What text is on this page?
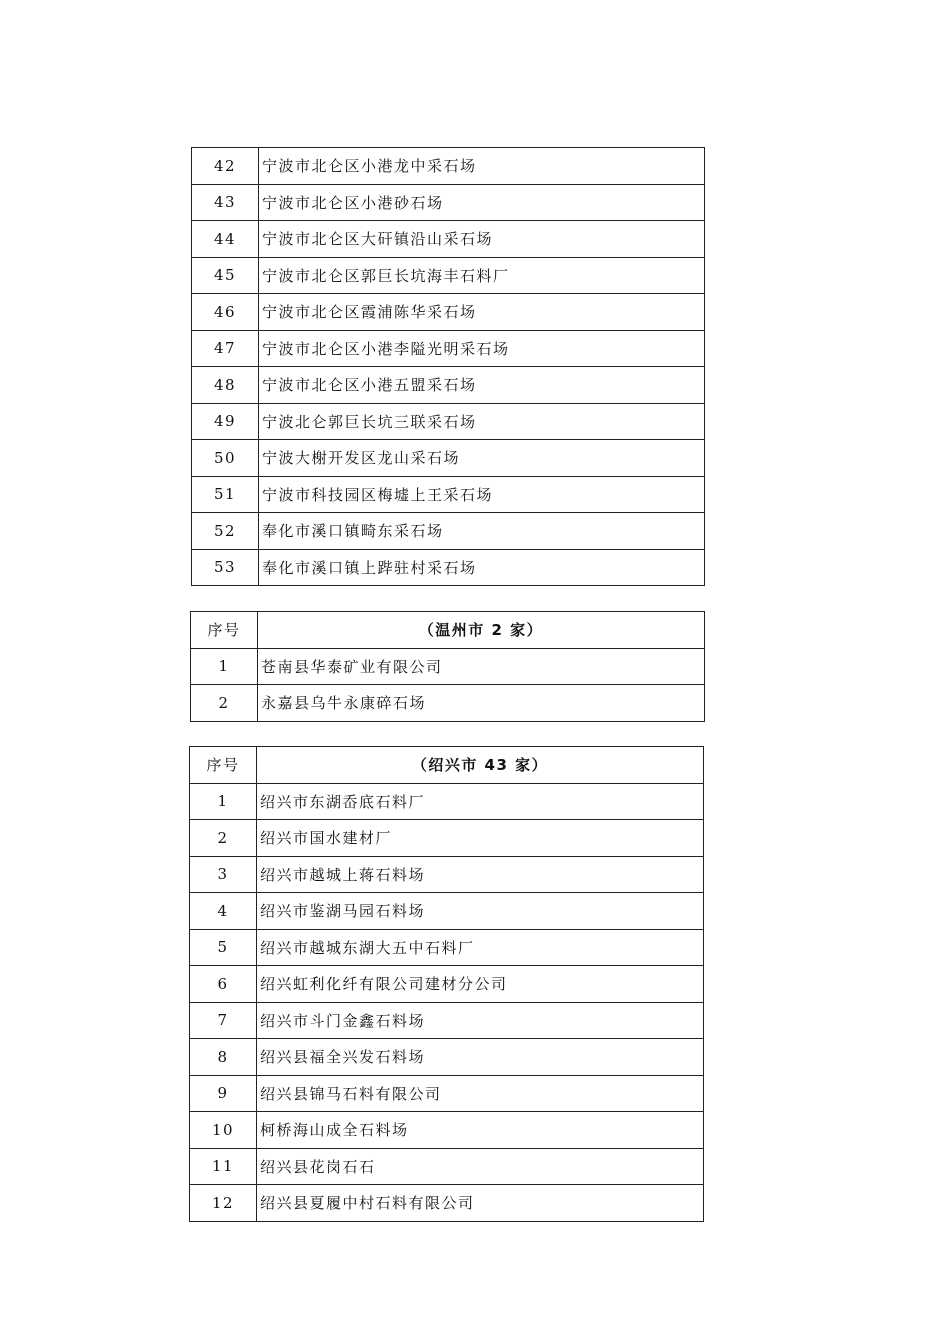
42	宁波市北仑区小港龙中采石场
43	宁波市北仑区小港砂石场
44	宁波市北仑区大矸镇沿山采石场
45	宁波市北仑区郭巨长坑海丰石料厂
46	宁波市北仑区霞浦陈华采石场
47	宁波市北仑区小港李隘光明采石场
48	宁波市北仑区小港五盟采石场
49	宁波北仑郭巨长坑三联采石场
50	宁波大榭开发区龙山采石场
51	宁波市科技园区梅墟上王采石场
52	奉化市溪口镇畸东采石场
53	奉化市溪口镇上跸驻村采石场
序号	（温州市 2 家）
1	苍南县华泰矿业有限公司
2	永嘉县乌牛永康碎石场
序号	（绍兴市 43 家）
1	绍兴市东湖岙底石料厂
2	绍兴市国水建材厂
3	绍兴市越城上蒋石料场
4	绍兴市鉴湖马园石料场
5	绍兴市越城东湖大五中石料厂
6	绍兴虹利化纤有限公司建材分公司
7	绍兴市斗门金鑫石料场
8	绍兴县福全兴发石料场
9	绍兴县锦马石料有限公司
10	柯桥海山成全石料场
11	绍兴县花岗石石
12	绍兴县夏履中村石料有限公司
